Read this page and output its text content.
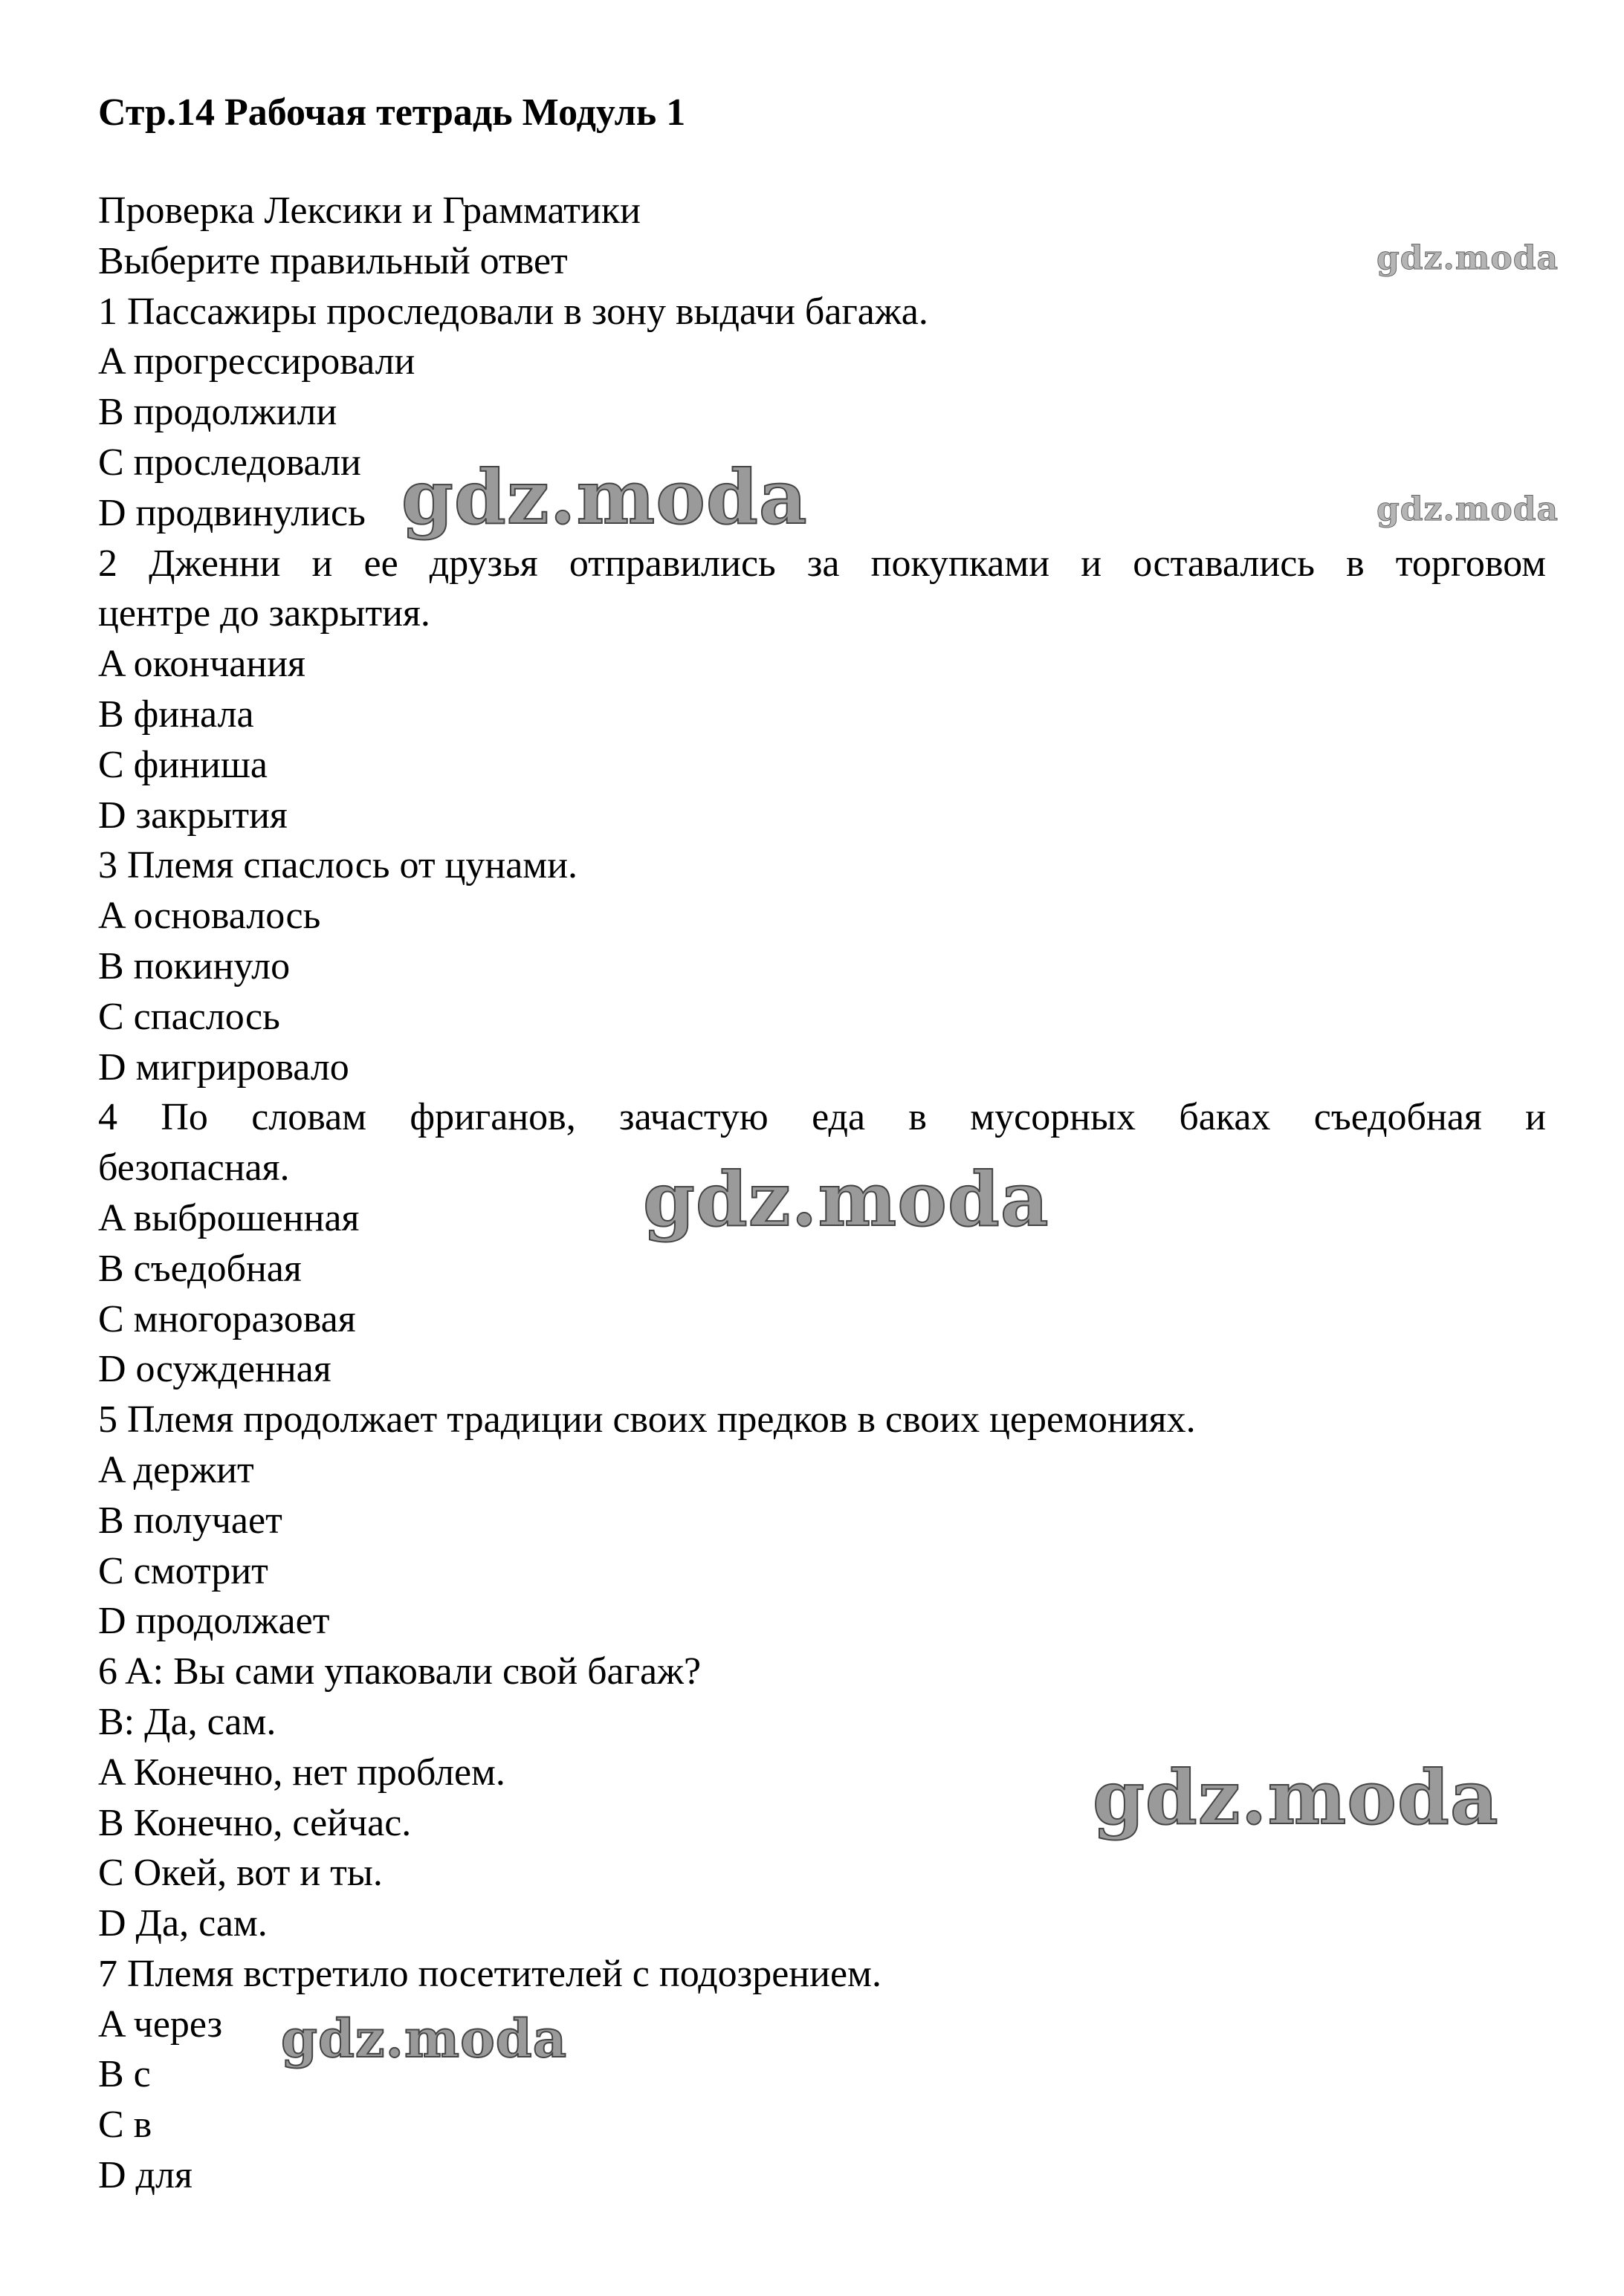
Стр.14 Рабочая тетрадь Модуль 1
Проверка Лексики и Грамматики
Выберите правильный ответ
1 Пассажиры проследовали в зону выдачи багажа.
A прогрессировали
B продолжили
C проследовали
D продвинулись
2 Дженни и ее друзья отправились за покупками и оставались в торговом
центре до закрытия.
A окончания
B финала
C финиша
D закрытия
3 Племя спаслось от цунами.
A основалось
B покинуло
C спаслось
D мигрировало
4 По словам фриганов, зачастую еда в мусорных баках съедобная и
безопасная.
A выброшенная
B съедобная
C многоразовая
D осужденная
5 Племя продолжает традиции своих предков в своих церемониях.
A держит
B получает
C смотрит
D продолжает
6 A: Вы сами упаковали свой багаж?
B: Да, сам.
A Конечно, нет проблем.
B Конечно, сейчас.
C Окей, вот и ты.
D Да, сам.
7 Племя встретило посетителей с подозрением.
A через
B с
C в
D для
gdz.moda
gdz.moda	gdz.moda
gdz.moda
gdz.moda
gdz.moda
